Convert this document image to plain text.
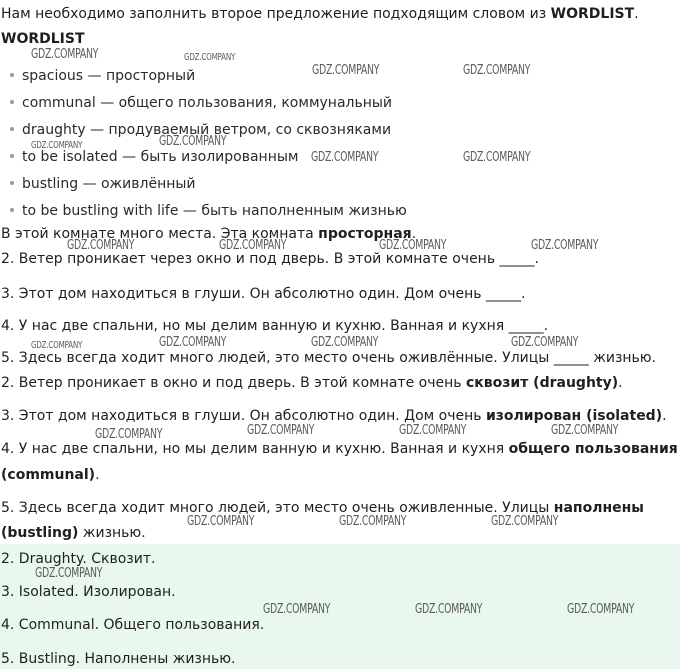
Нам необходимо заполнить второе предложение подходящим словом из WORDLIST.
WORDLIST
spacious — просторный
communal — общего пользования, коммунальный
draughty — продуваемый ветром, со сквозняками
to be isolated — быть изолированным
bustling — оживлённый
to be bustling with life — быть наполненным жизнью
В этой комнате много места. Эта комната просторная.
2. Ветер проникает через окно и под дверь. В этой комнате очень _____.
3. Этот дом находиться в глуши. Он абсолютно один. Дом очень _____.
4. У нас две спальни, но мы делим ванную и кухню. Ванная и кухня _____.
5. Здесь всегда ходит много людей, это место очень оживлённые. Улицы _____ жизнью.
2. Ветер проникает в окно и под дверь. В этой комнате очень сквозит (draughty).
3. Этот дом находиться в глуши. Он абсолютно один. Дом очень изолирован (isolated).
4. У нас две спальни, но мы делим ванную и кухню. Ванная и кухня общего пользования
(communal).
5. Здесь всегда ходит много людей, это место очень оживленные. Улицы наполнены
(bustling) жизнью.
2. Draughty. Сквозит.
3. Isolated. Изолирован.
4. Communal. Общего пользования.
5. Bustling. Наполнены жизнью.
GDZ.COMPANY	GDZ.COMPANY
GDZ.COMPANY	GDZ.COMPANY
GDZ.COMPANY	GDZ.COMPANY
GDZ.COMPANY	GDZ.COMPANY
GDZ.COMPANY	GDZ.COMPANY	GDZ.COMPANY	GDZ.COMPANY
GDZ.COMPANY	GDZ.COMPANY	GDZ.COMPANY	GDZ.COMPANY
GDZ.COMPANY	GDZ.COMPANY	GDZ.COMPANY	GDZ.COMPANY
GDZ.COMPANY	GDZ.COMPANY	GDZ.COMPANY
GDZ.COMPANY
GDZ.COMPANY	GDZ.COMPANY	GDZ.COMPANY
